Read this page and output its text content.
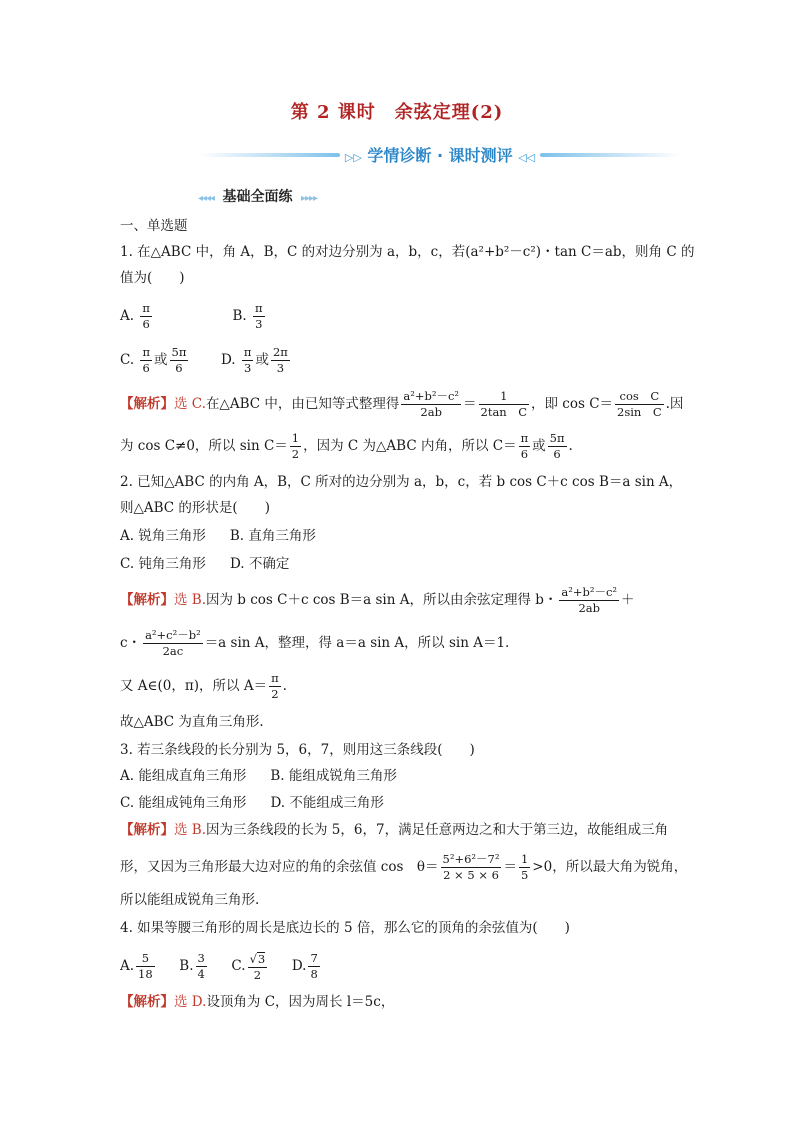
第 2 课时　余弦定理(2)
▷▷ 学情诊断 · 课时测评 ◁◁
◂◂◂◂ 基础全面练 ▸▸▸▸
一、单选题
1. 在△ABC 中，角 A，B，C 的对边分别为 a，b，c，若(a²+b²－c²)・tan C＝ab，则角 C 的
值为(　　)
A. $\frac{\pi}{6}$	B. $\frac{\pi}{3}$
C. $\frac{\pi}{6}$ 或 $\frac{5\pi}{6} D$. $\frac{\pi}{3}$ 或 $\frac{2\pi}{3}$
【解析】选 C.在△ABC 中，由已知等式整理得 $\frac{\text{a²+b²－c²}}{2ab} = \frac{1}{\text{2tan　C}}$ ，即 $\cos C= \frac{\text{cos　C}}{\text{2sin　C}}$ .因
为 cos C≠0，所以 $\sin C= \frac{1}{2}$ ，因为 C 为△ABC 内角，所以 $C= \frac{\pi}{6}$ 或 $\frac{5\pi}{6}$ .
2. 已知△ABC 的内角 A，B，C 所对的边分别为 a，b，c，若 b cos C＋c cos B＝a sin A，
则△ABC 的形状是(　　)
A. 锐角三角形 B. 直角三角形
C. 钝角三角形 D. 不确定
【解析】选 B.因为 b cos C＋c cos B＝a sin A，所以由余弦定理得 b・ $\frac{\text{a²+b²－c²}}{2ab}$ ＋
c・ $\frac{\text{a²+c²－b²}}{2ac} =a$ sin A，整理，得 a＝a sin A，所以 sin A＝1.
又 A∈(0，π)，所以 $A= \frac{\pi}{2}$ .
故△ABC 为直角三角形.
3. 若三条线段的长分别为 5，6，7，则用这三条线段(　　)
A. 能组成直角三角形 B. 能组成锐角三角形
C. 能组成钝角三角形 D. 不能组成三角形
【解析】选 B.因为三条线段的长为 5，6，7，满足任意两边之和大于第三边，故能组成三角
形，又因为三角形最大边对应的角的余弦值 cos　$\theta= \frac{\text{5²+6²－7²}}{2 \times 5 \times 6} = \frac{1}{5} >0$，所以最大角为锐角，
所以能组成锐角三角形.
4. 如果等腰三角形的周长是底边长的 5 倍，那么它的顶角的余弦值为(　　)
A. $\frac{5}{18} B$. $\frac{3}{4} C$. $\frac{√3}{2} D$. $\frac{7}{8}$
【解析】选 D.设顶角为 C，因为周长 l＝5c，
